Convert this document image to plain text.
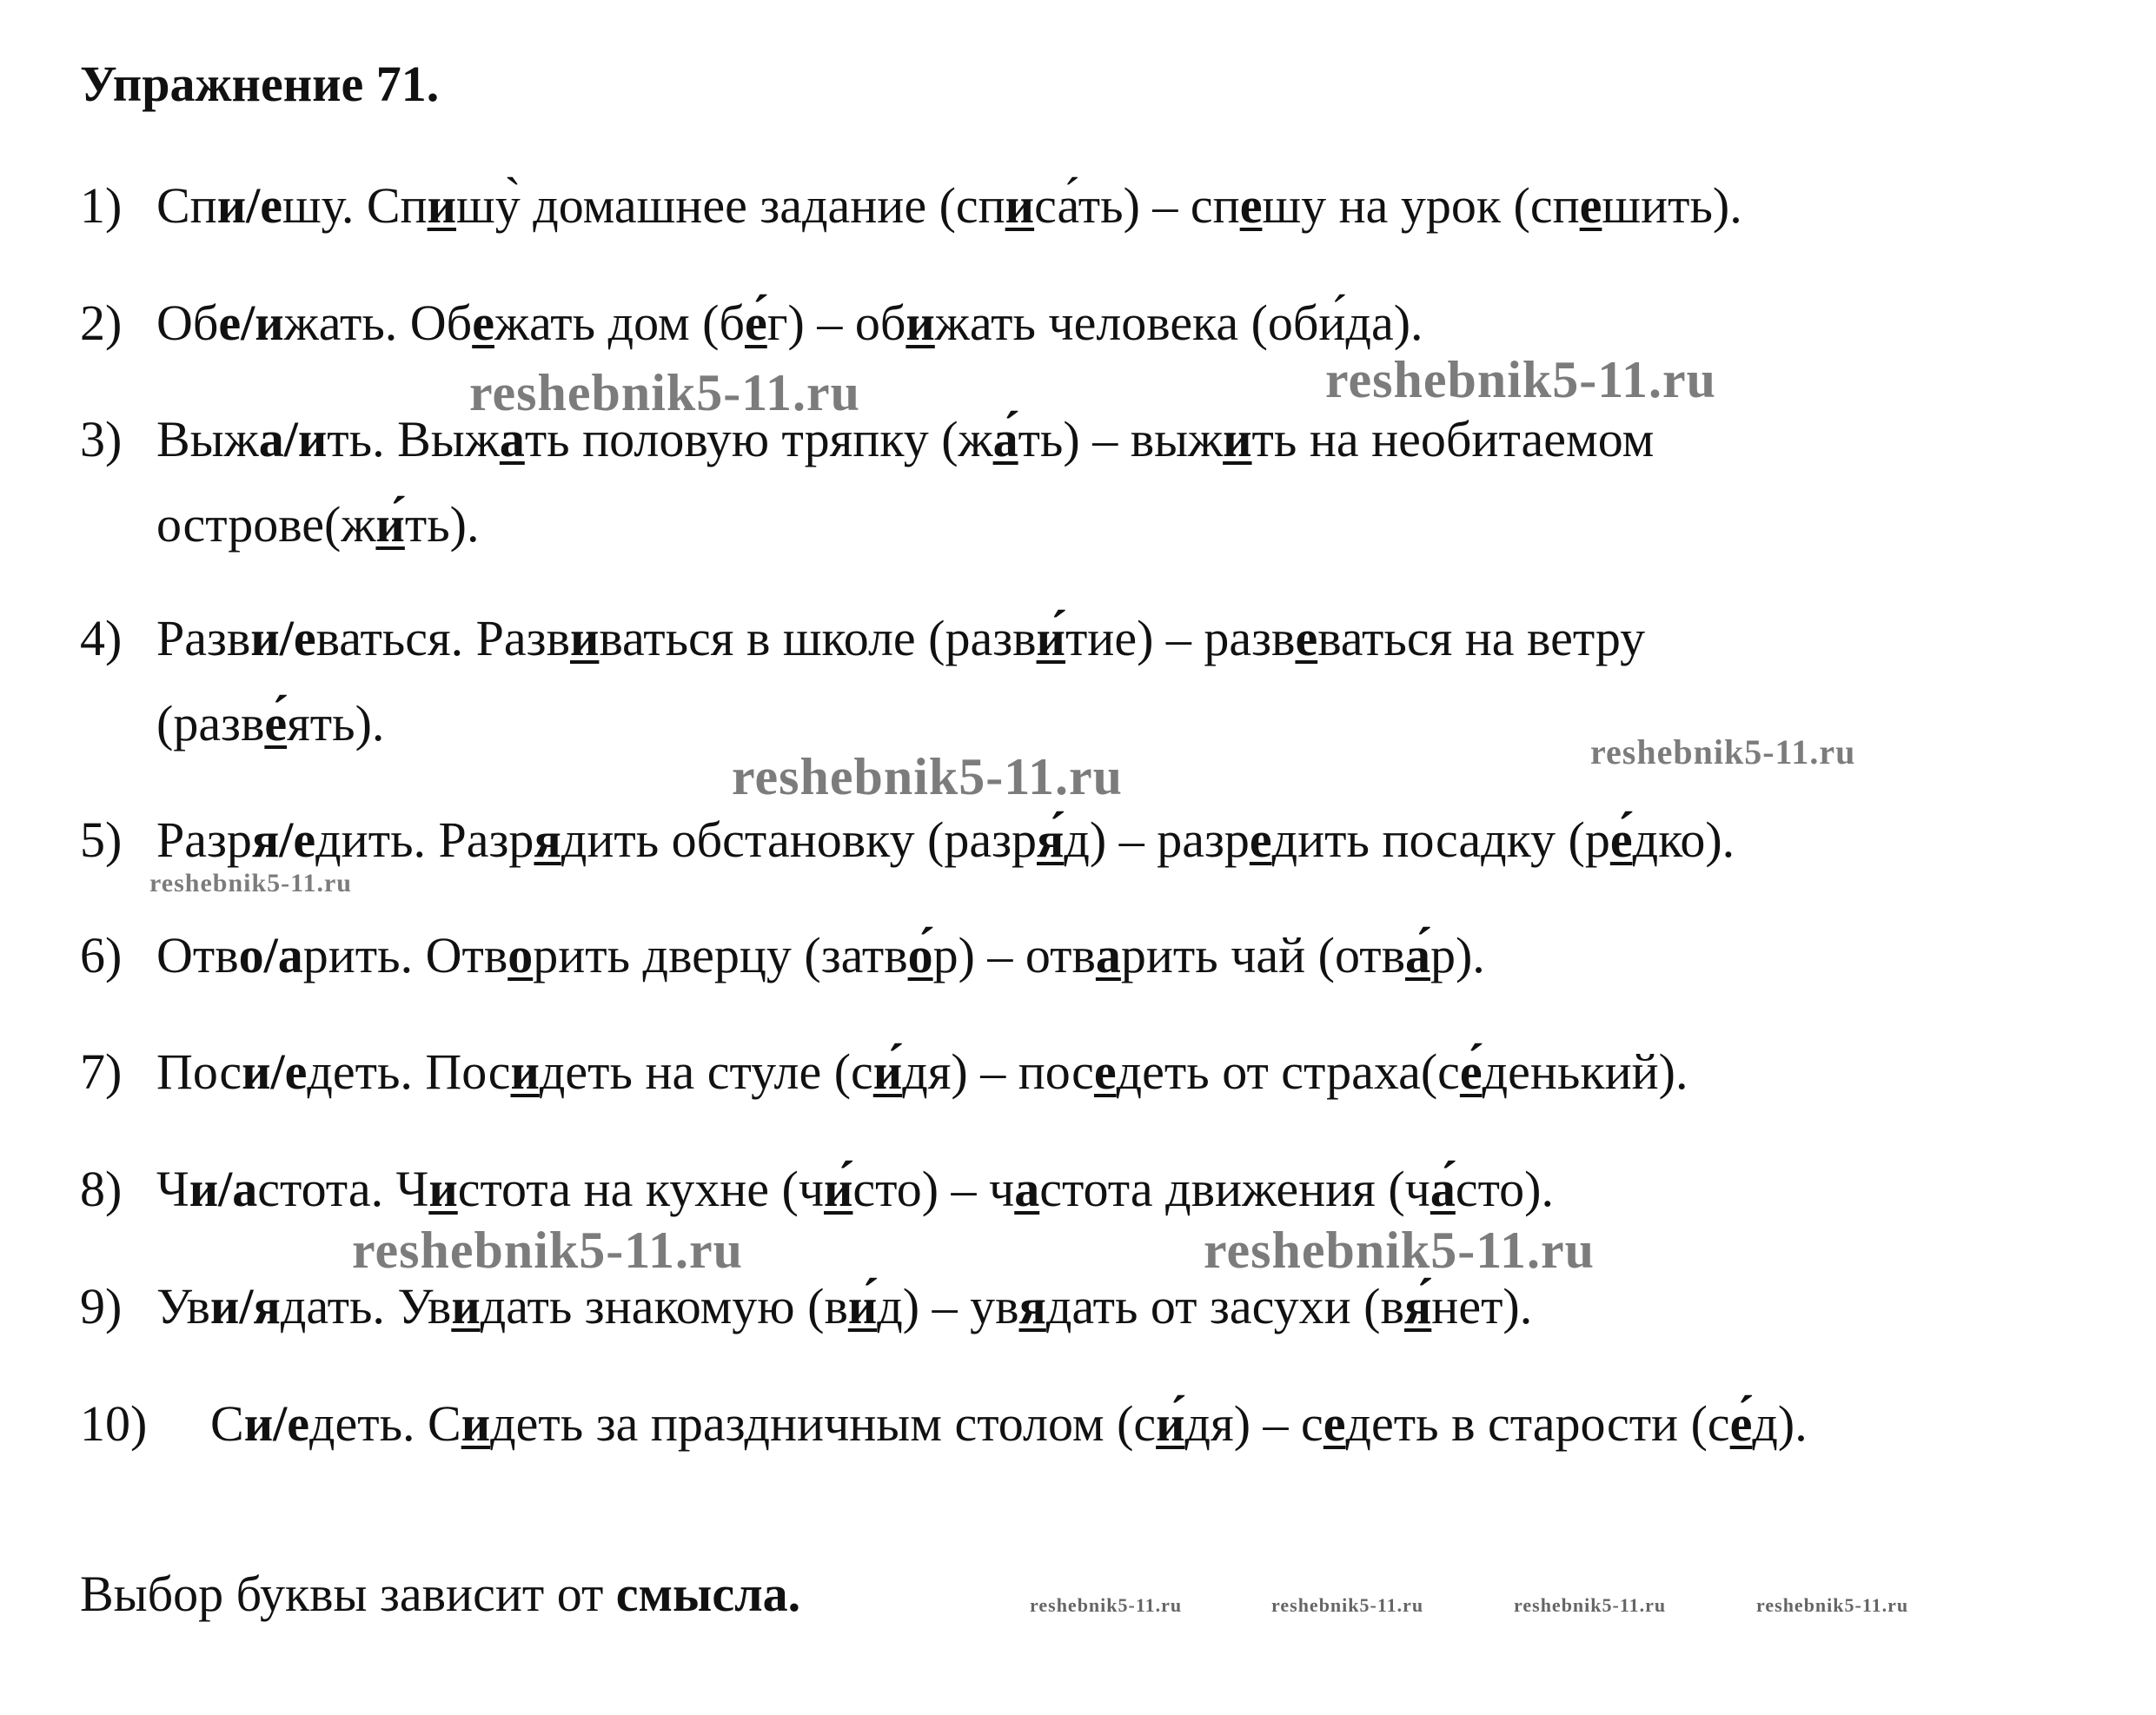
Упражнение 71.
1) Спи/ешу. Спишу̀ домашнее задание (списа́ть) – спешу на урок (спешить).
2) Обе/ижать. Обежать дом (бе́г) – обижать человека (оби́да).
3) Выжа/ить. Выжать половую тряпку (жа́ть) – выжить на необитаемом
острове(жи́ть).
4) Разви/еваться. Развиваться в школе (разви́тие) – развеваться на ветру
(разве́ять).
5) Разря/едить. Разрядить обстановку (разря́д) – разредить посадку (ре́дко).
6) Отво/арить. Отворить дверцу (затво́р) – отварить чай (отва́р).
7) Поси/едеть. Посидеть на стуле (си́дя) – поседеть от страха(се́денький).
8) Чи/астота. Чистота на кухне (чи́сто) – частота движения (ча́сто).
9) Уви/ядать. Увидать знакомую (ви́д) – увядать от засухи (вя́нет).
10) Си/едеть. Сидеть за праздничным столом (си́дя) – седеть в старости (се́д).
Выбор буквы зависит от смысла.
reshebnik5-11.ru	reshebnik5-11.ru
reshebnik5-11.ru	reshebnik5-11.ru
reshebnik5-11.ru
reshebnik5-11.ru	reshebnik5-11.ru
reshebnik5-11.ru	reshebnik5-11.ru	reshebnik5-11.ru	reshebnik5-11.ru
